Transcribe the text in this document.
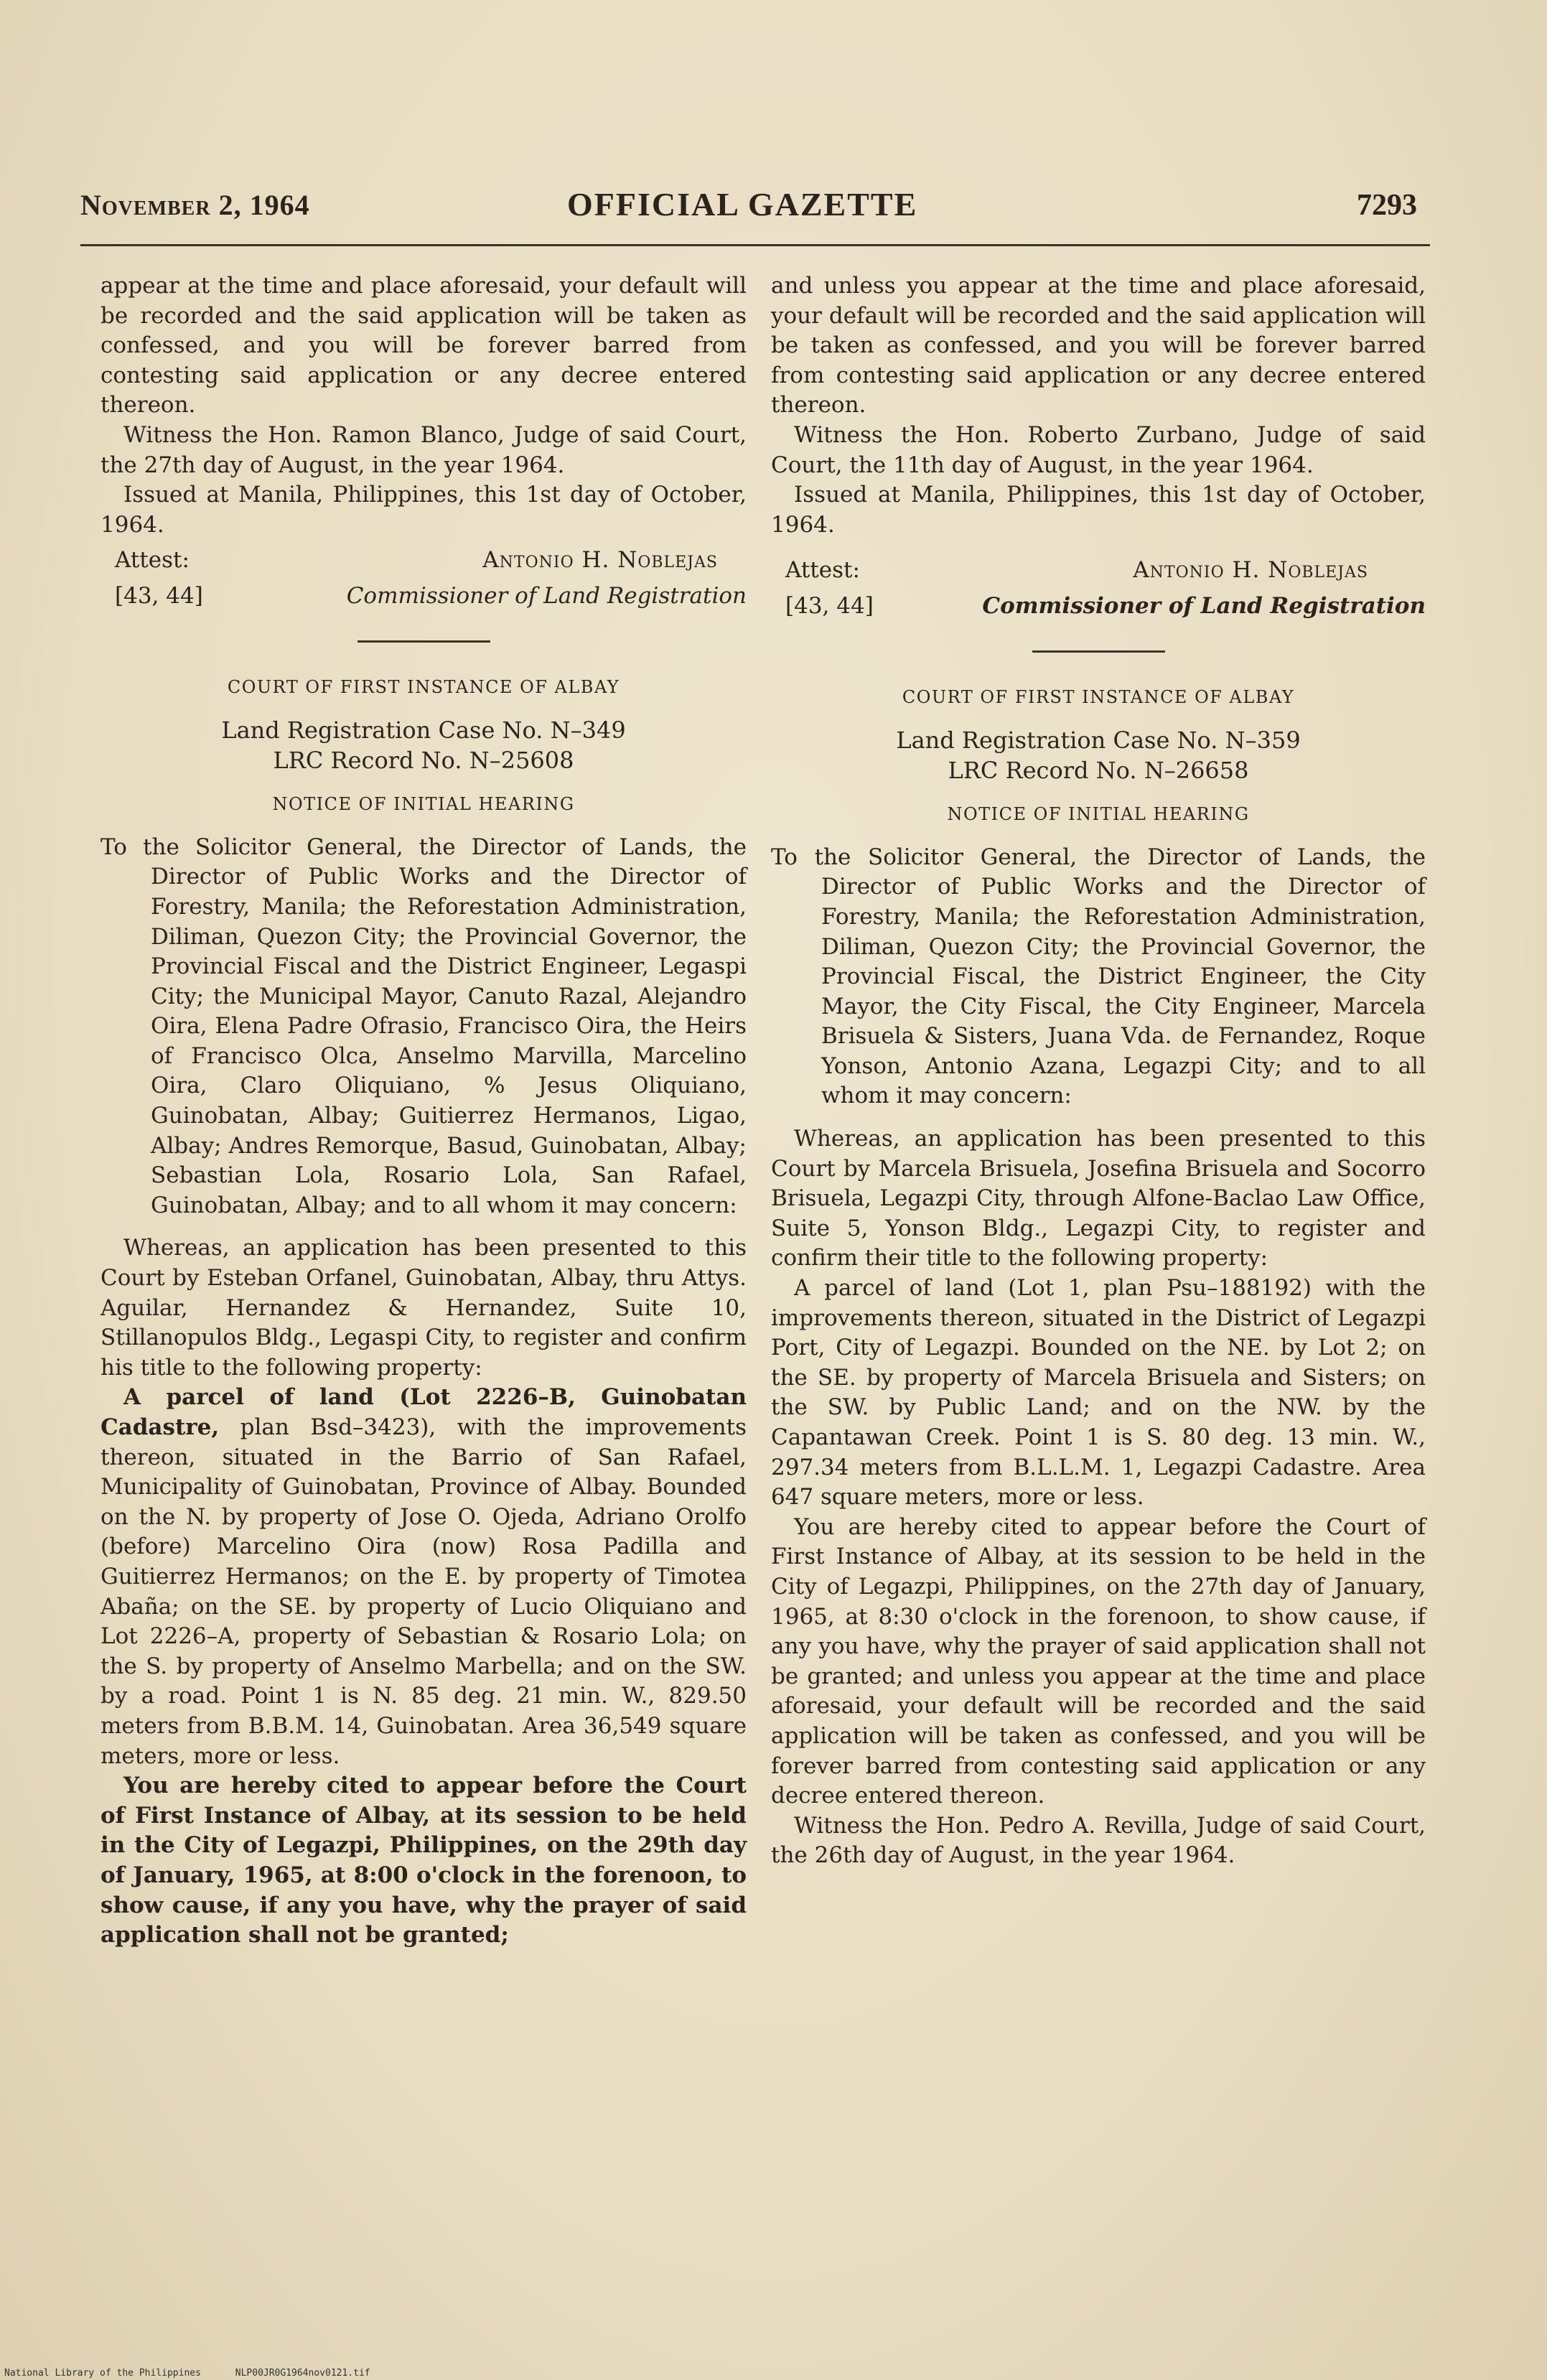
November 2, 1964	OFFICIAL GAZETTE	7293

appear at the time and place aforesaid, your default will be recorded and the said application will be taken as confessed, and you will be forever barred from contesting said application or any decree entered thereon.

Witness the Hon. Ramon Blanco, Judge of said Court, the 27th day of August, in the year 1964.

Issued at Manila, Philippines, this 1st day of October, 1964.

Attest:	Antonio H. Noblejas
[43, 44]	Commissioner of Land Registration
COURT OF FIRST INSTANCE OF ALBAY
Land Registration Case No. N–349
LRC Record No. N–25608
NOTICE OF INITIAL HEARING

To the Solicitor General, the Director of Lands, the Director of Public Works and the Director of Forestry, Manila; the Reforestation Administration, Diliman, Quezon City; the Provincial Governor, the Provincial Fiscal and the District Engineer, Legaspi City; the Municipal Mayor, Canuto Razal, Alejandro Oira, Elena Padre Ofrasio, Francisco Oira, the Heirs of Francisco Olca, Anselmo Marvilla, Marcelino Oira, Claro Oliquiano, % Jesus Oliquiano, Guinobatan, Albay; Guitierrez Hermanos, Ligao, Albay; Andres Remorque, Basud, Guinobatan, Albay; Sebastian Lola, Rosario Lola, San Rafael, Guinobatan, Albay; and to all whom it may concern:

Whereas, an application has been presented to this Court by Esteban Orfanel, Guinobatan, Albay, thru Attys. Aguilar, Hernandez & Hernandez, Suite 10, Stillanopulos Bldg., Legaspi City, to register and confirm his title to the following property:

A parcel of land (Lot 2226–B, Guinobatan Cadastre, plan Bsd–3423), with the improvements thereon, situated in the Barrio of San Rafael, Municipality of Guinobatan, Province of Albay. Bounded on the N. by property of Jose O. Ojeda, Adriano Orolfo (before) Marcelino Oira (now) Rosa Padilla and Guitierrez Hermanos; on the E. by property of Timotea Abaña; on the SE. by property of Lucio Oliquiano and Lot 2226–A, property of Sebastian & Rosario Lola; on the S. by property of Anselmo Marbella; and on the SW. by a road. Point 1 is N. 85 deg. 21 min. W., 829.50 meters from B.B.M. 14, Guinobatan. Area 36,549 square meters, more or less.

You are hereby cited to appear before the Court of First Instance of Albay, at its session to be held in the City of Legazpi, Philippines, on the 29th day of January, 1965, at 8:00 o'clock in the forenoon, to show cause, if any you have, why the prayer of said application shall not be granted;

and unless you appear at the time and place aforesaid, your default will be recorded and the said application will be taken as confessed, and you will be forever barred from contesting said application or any decree entered thereon.

Witness the Hon. Roberto Zurbano, Judge of said Court, the 11th day of August, in the year 1964.

Issued at Manila, Philippines, this 1st day of October, 1964.

Attest:	Antonio H. Noblejas
[43, 44]	Commissioner of Land Registration
COURT OF FIRST INSTANCE OF ALBAY
Land Registration Case No. N–359
LRC Record No. N–26658
NOTICE OF INITIAL HEARING

To the Solicitor General, the Director of Lands, the Director of Public Works and the Director of Forestry, Manila; the Reforestation Administration, Diliman, Quezon City; the Provincial Governor, the Provincial Fiscal, the District Engineer, the City Mayor, the City Fiscal, the City Engineer, Marcela Brisuela & Sisters, Juana Vda. de Fernandez, Roque Yonson, Antonio Azana, Legazpi City; and to all whom it may concern:

Whereas, an application has been presented to this Court by Marcela Brisuela, Josefina Brisuela and Socorro Brisuela, Legazpi City, through Alfone-Baclao Law Office, Suite 5, Yonson Bldg., Legazpi City, to register and confirm their title to the following property:

A parcel of land (Lot 1, plan Psu–188192) with the improvements thereon, situated in the District of Legazpi Port, City of Legazpi. Bounded on the NE. by Lot 2; on the SE. by property of Marcela Brisuela and Sisters; on the SW. by Public Land; and on the NW. by the Capantawan Creek. Point 1 is S. 80 deg. 13 min. W., 297.34 meters from B.L.L.M. 1, Legazpi Cadastre. Area 647 square meters, more or less.

You are hereby cited to appear before the Court of First Instance of Albay, at its session to be held in the City of Legazpi, Philippines, on the 27th day of January, 1965, at 8:30 o'clock in the forenoon, to show cause, if any you have, why the prayer of said application shall not be granted; and unless you appear at the time and place aforesaid, your default will be recorded and the said application will be taken as confessed, and you will be forever barred from contesting said application or any decree entered thereon.

Witness the Hon. Pedro A. Revilla, Judge of said Court, the 26th day of August, in the year 1964.

National Library of the Philippines	NLP00JR0G1964nov0121.tif
